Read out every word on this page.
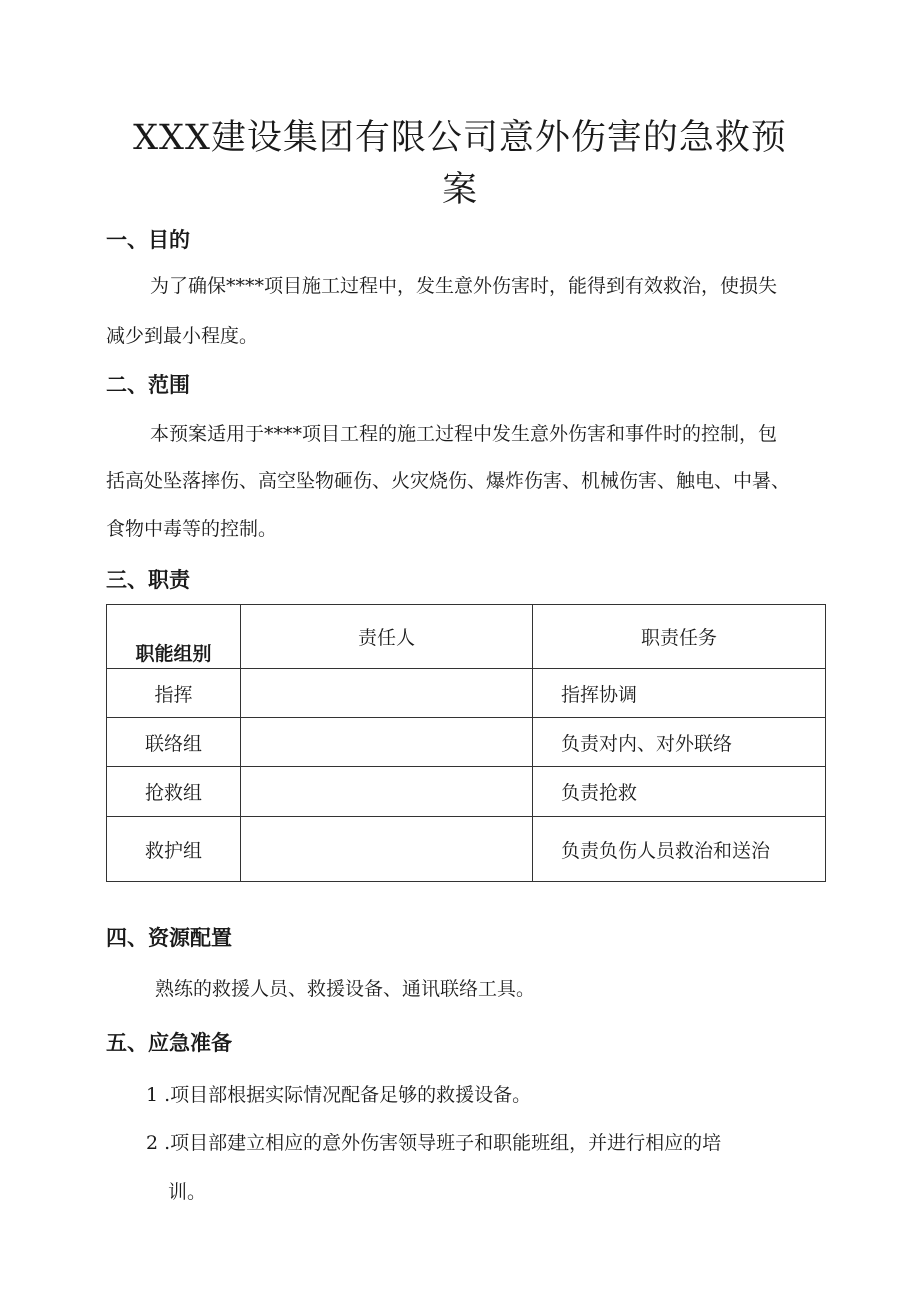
XXX建设集团有限公司意外伤害的急救预
案
一、目的
为了确保****项目施工过程中，发生意外伤害时，能得到有效救治，使损失
减少到最小程度。
二、范围
本预案适用于****项目工程的施工过程中发生意外伤害和事件时的控制，包
括高处坠落摔伤、高空坠物砸伤、火灾烧伤、爆炸伤害、机械伤害、触电、中暑、
食物中毒等的控制。
三、职责
职能组别	责任人	职责任务
指挥		指挥协调
联络组		负责对内、对外联络
抢救组		负责抢救
救护组		负责负伤人员救治和送治
四、资源配置
熟练的救援人员、救援设备、通讯联络工具。
五、应急准备
1 .项目部根据实际情况配备足够的救援设备。
2 .项目部建立相应的意外伤害领导班子和职能班组，并进行相应的培
训。
